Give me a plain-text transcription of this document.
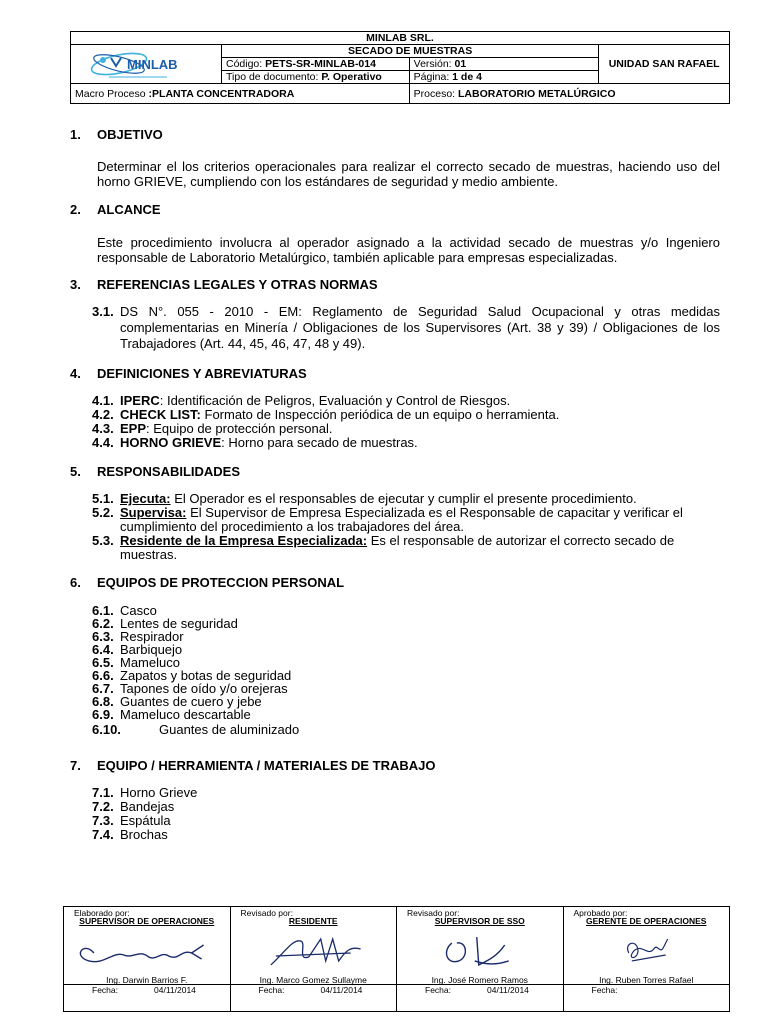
MINLAB SRL.			

MINLAB	SECADO DE MUESTRAS		UNIDAD SAN RAFAEL
	Código: PETS-SR-MINLAB-014	Versión: 01	
	Tipo de documento: P. Operativo	Página: 1 de 4	
Macro Proceso :PLANTA CONCENTRADORA		Proceso: LABORATORIO METALÚRGICO	
1. OBJETIVO
Determinar el los criterios operacionales para realizar el correcto secado de muestras, haciendo uso del horno GRIEVE, cumpliendo con los estándares de seguridad y medio ambiente.
2. ALCANCE
Este procedimiento involucra al operador asignado a la actividad secado de muestras y/o Ingeniero responsable de Laboratorio Metalúrgico, también aplicable para empresas especializadas.
3. REFERENCIAS LEGALES Y OTRAS NORMAS
3.1. DS N°. 055 - 2010 - EM: Reglamento de Seguridad Salud Ocupacional y otras medidas complementarias en Minería / Obligaciones de los Supervisores (Art. 38 y 39) / Obligaciones de los Trabajadores (Art. 44, 45, 46, 47, 48 y 49).
4. DEFINICIONES Y ABREVIATURAS
4.1. IPERC: Identificación de Peligros, Evaluación y Control de Riesgos.
4.2. CHECK LIST: Formato de Inspección periódica de un equipo o herramienta.
4.3. EPP: Equipo de protección personal.
4.4. HORNO GRIEVE: Horno para secado de muestras.
5. RESPONSABILIDADES
5.1. Ejecuta: El Operador es el responsables de ejecutar y cumplir el presente procedimiento.
5.2. Supervisa: El Supervisor de Empresa Especializada es el Responsable de capacitar y verificar el cumplimiento del procedimiento a los trabajadores del área.
5.3. Residente de la Empresa Especializada: Es el responsable de autorizar el correcto secado de muestras.
6. EQUIPOS DE PROTECCION PERSONAL
6.1. Casco
6.2. Lentes de seguridad
6.3. Respirador
6.4. Barbiquejo
6.5. Mameluco
6.6. Zapatos y botas de seguridad
6.7. Tapones de oído y/o orejeras
6.8. Guantes de cuero y jebe
6.9. Mameluco descartable
6.10.	Guantes de aluminizado
7. EQUIPO / HERRAMIENTA / MATERIALES DE TRABAJO
7.1. Horno Grieve
7.2. Bandejas
7.3. Espátula
7.4. Brochas
Elaborado por:
SUPERVISOR DE OPERACIONES
Ing. Darwin Barrios F.
Fecha:	04/11/2014

Revisado por:
RESIDENTE
Ing. Marco Gomez Sullayme
Fecha:	04/11/2014

Revisado por:
SUPERVISOR DE SSO
Ing. José Romero Ramos
Fecha:	04/11/2014

Aprobado por:
GERENTE DE OPERACIONES
Ing. Ruben Torres Rafael
Fecha:
